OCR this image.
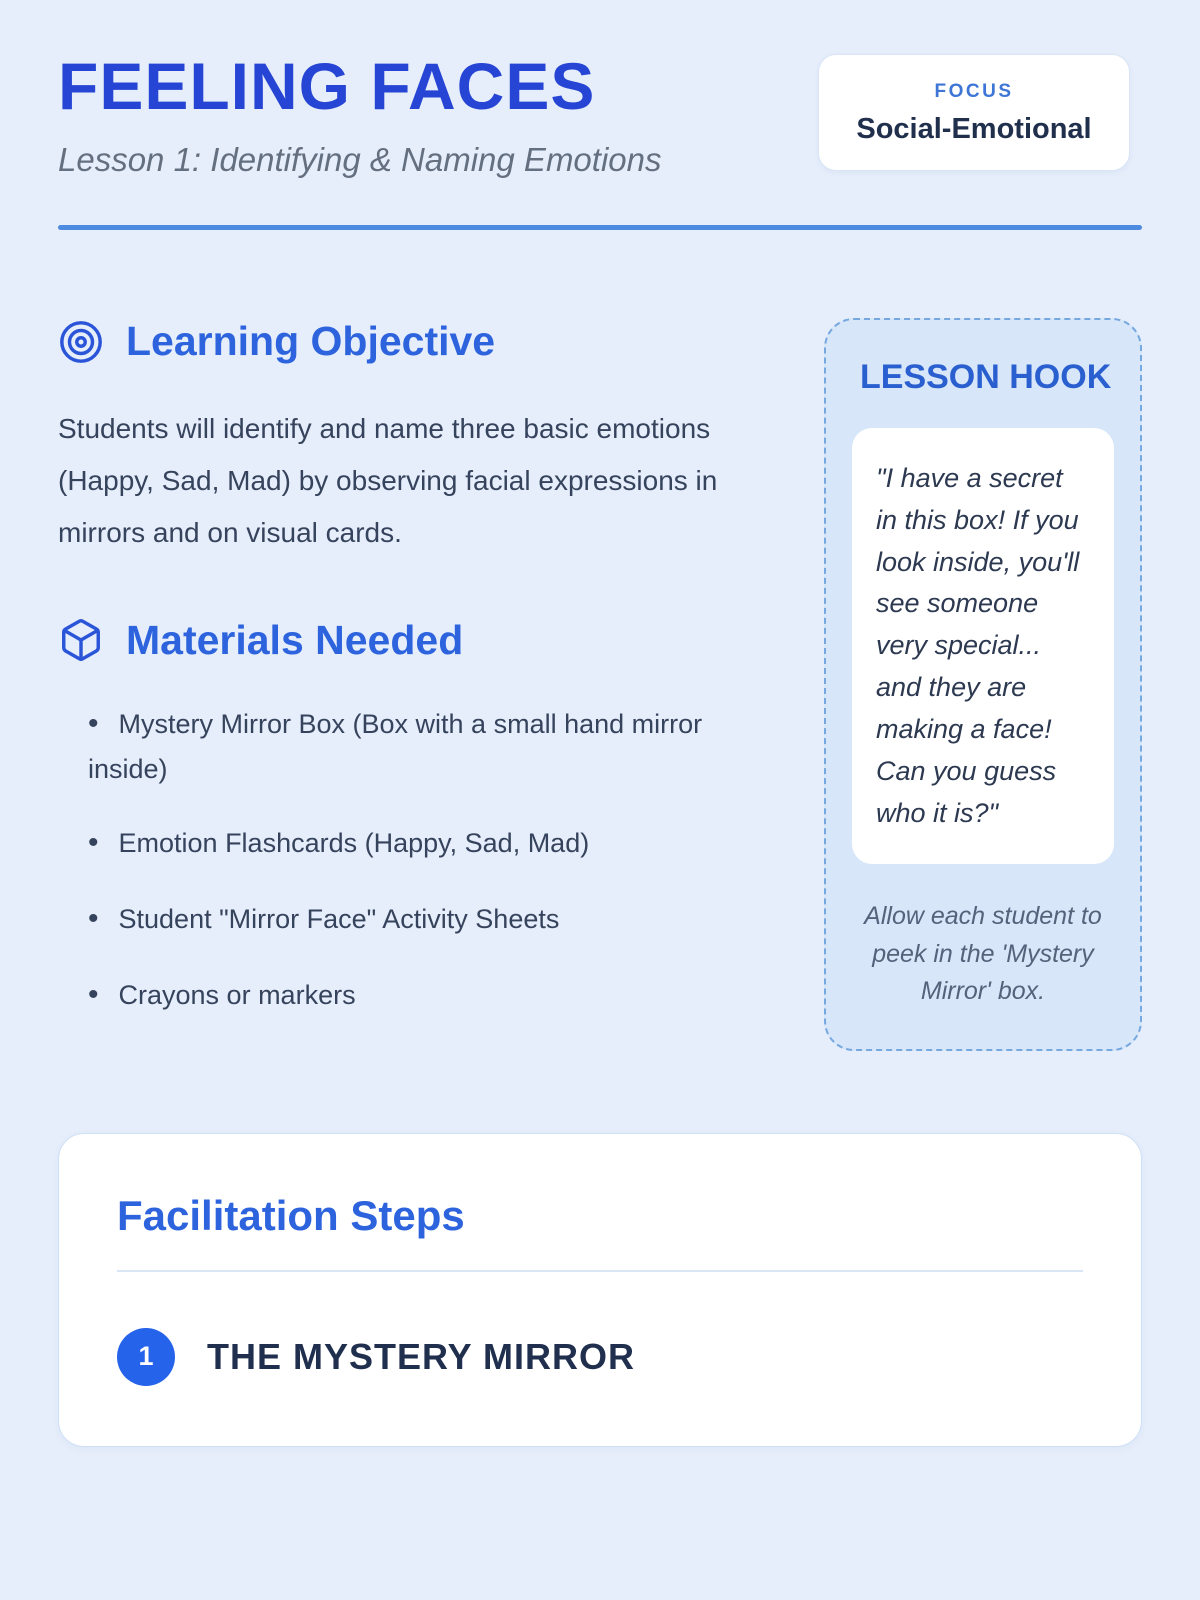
FEELING FACES
Lesson 1: Identifying & Naming Emotions
FOCUS
Social-Emotional
Learning Objective

Students will identify and name three basic emotions (Happy, Sad, Mad) by observing facial expressions in mirrors and on visual cards.

Materials Needed
• Mystery Mirror Box (Box with a small hand mirror inside)
• Emotion Flashcards (Happy, Sad, Mad)
• Student "Mirror Face" Activity Sheets
• Crayons or markers
LESSON HOOK
"I have a secret in this box! If you look inside, you'll see someone very special... and they are making a face! Can you guess who it is?"
Allow each student to peek in the 'Mystery Mirror' box.
Facilitation Steps
1	THE MYSTERY MIRROR
